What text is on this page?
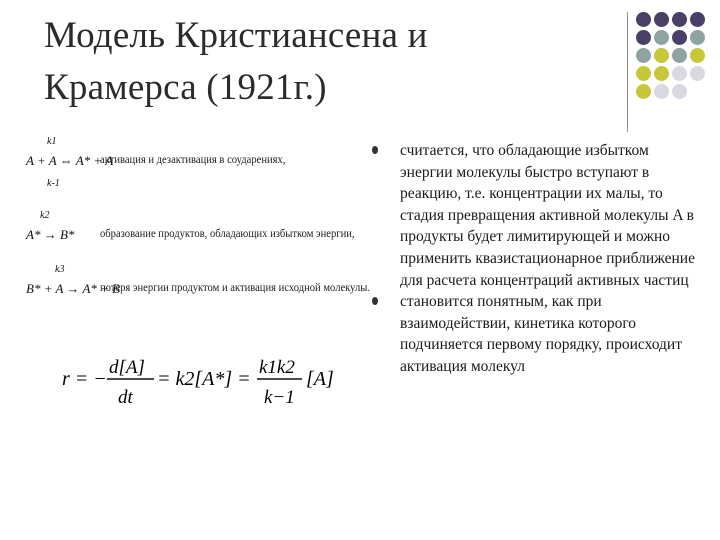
Модель Кристиансена и
Крамерса (1921г.)
A + A ⇔ A* + A
k1
k-1
активация и дезактивация в соударениях,
A* → B*
k2
образование продуктов, обладающих избытком энергии,
B* + A → A* + B
k3
потеря энергии продуктом и активация исходной молекулы.
r = −
d[A]
dt
= k2[A*] =
k1k2
k−1
[A]
считается, что обладающие избытком энергии молекулы быстро вступают в реакцию, т.е. концентрации их малы, то стадия превращения активной молекулы A в продукты будет лимитирующей и можно применить квазистационарное приближение для расчета концентраций активных частиц
становится понятным, как при взаимодействии, кинетика которого подчиняется первому порядку, происходит активация молекул
